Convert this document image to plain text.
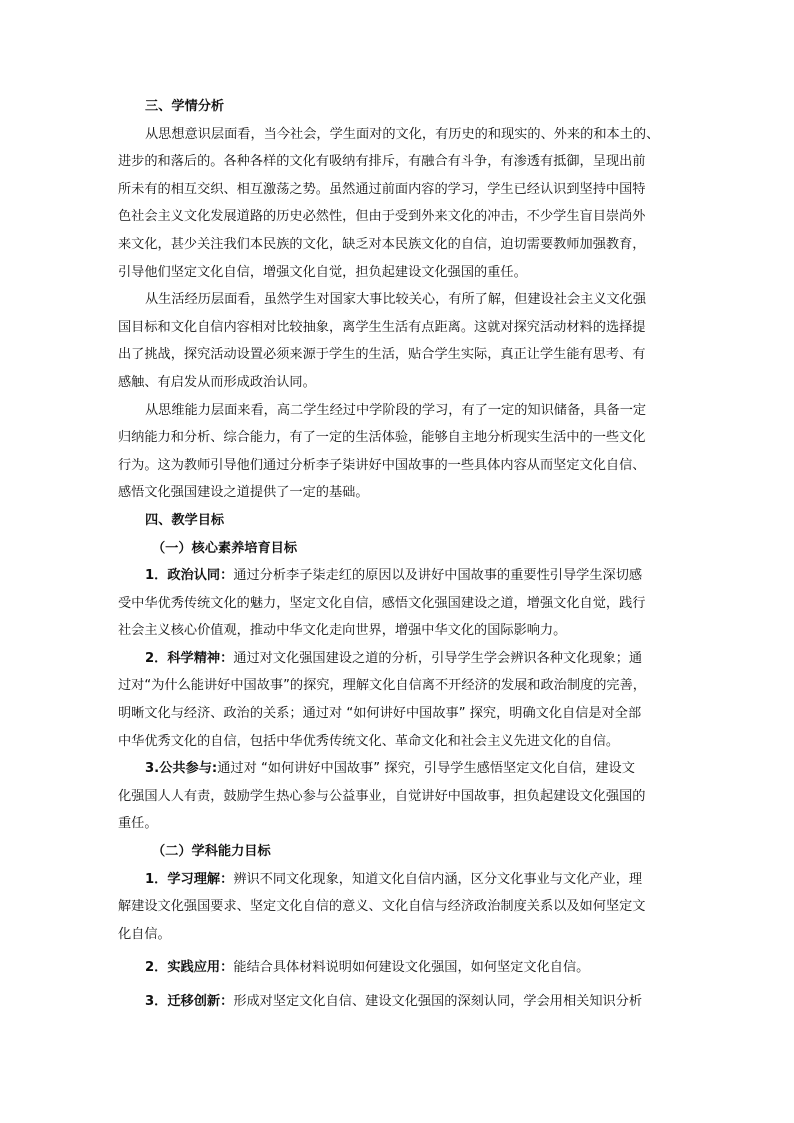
三、学情分析
从思想意识层面看，当今社会，学生面对的文化，有历史的和现实的、外来的和本土的、
进步的和落后的。各种各样的文化有吸纳有排斥，有融合有斗争，有渗透有抵御，呈现出前
所未有的相互交织、相互激荡之势。虽然通过前面内容的学习，学生已经认识到坚持中国特
色社会主义文化发展道路的历史必然性，但由于受到外来文化的冲击，不少学生盲目崇尚外
来文化，甚少关注我们本民族的文化，缺乏对本民族文化的自信，迫切需要教师加强教育，
引导他们坚定文化自信，增强文化自觉，担负起建设文化强国的重任。
从生活经历层面看，虽然学生对国家大事比较关心，有所了解，但建设社会主义文化强
国目标和文化自信内容相对比较抽象，离学生生活有点距离。这就对探究活动材料的选择提
出了挑战，探究活动设置必须来源于学生的生活，贴合学生实际，真正让学生能有思考、有
感触、有启发从而形成政治认同。
从思维能力层面来看，高二学生经过中学阶段的学习，有了一定的知识储备，具备一定
归纳能力和分析、综合能力，有了一定的生活体验，能够自主地分析现实生活中的一些文化
行为。这为教师引导他们通过分析李子柒讲好中国故事的一些具体内容从而坚定文化自信、
感悟文化强国建设之道提供了一定的基础。
四、教学目标
（一）核心素养培育目标
1．政治认同：通过分析李子柒走红的原因以及讲好中国故事的重要性引导学生深切感
受中华优秀传统文化的魅力，坚定文化自信，感悟文化强国建设之道，增强文化自觉，践行
社会主义核心价值观，推动中华文化走向世界，增强中华文化的国际影响力。
2．科学精神：通过对文化强国建设之道的分析，引导学生学会辨识各种文化现象；通
过对“为什么能讲好中国故事”的探究，理解文化自信离不开经济的发展和政治制度的完善，
明晰文化与经济、政治的关系；通过对 “如何讲好中国故事” 探究，明确文化自信是对全部
中华优秀文化的自信，包括中华优秀传统文化、革命文化和社会主义先进文化的自信。
3.公共参与:通过对 “如何讲好中国故事” 探究，引导学生感悟坚定文化自信，建设文
化强国人人有责，鼓励学生热心参与公益事业，自觉讲好中国故事，担负起建设文化强国的
重任。
（二）学科能力目标
1．学习理解：辨识不同文化现象，知道文化自信内涵，区分文化事业与文化产业，理
解建设文化强国要求、坚定文化自信的意义、文化自信与经济政治制度关系以及如何坚定文
化自信。
2．实践应用：能结合具体材料说明如何建设文化强国，如何坚定文化自信。
3．迁移创新：形成对坚定文化自信、建设文化强国的深刻认同，学会用相关知识分析
